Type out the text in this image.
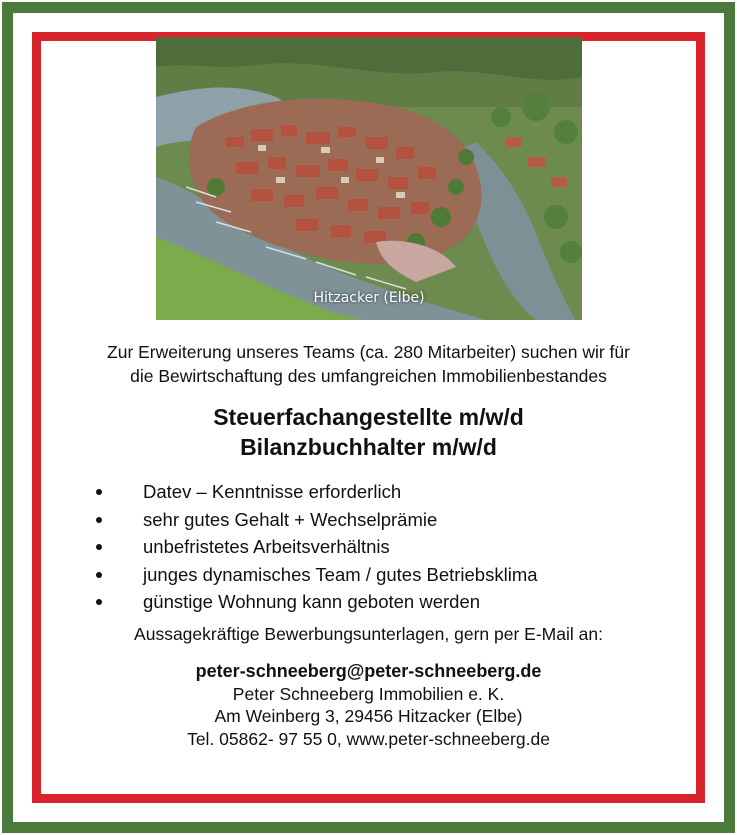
Hitzacker (Elbe)
Zur Erweiterung unseres Teams (ca. 280 Mitarbeiter) suchen wir für
die Bewirtschaftung des umfangreichen Immobilienbestandes
Steuerfachangestellte m/w/d
Bilanzbuchhalter m/w/d
Datev – Kenntnisse erforderlich
sehr gutes Gehalt + Wechselprämie
unbefristetes Arbeitsverhältnis
junges dynamisches Team / gutes Betriebsklima
günstige Wohnung kann geboten werden
Aussagekräftige Bewerbungsunterlagen, gern per E-Mail an:
peter-schneeberg@peter-schneeberg.de
Peter Schneeberg Immobilien e. K.
Am Weinberg 3, 29456 Hitzacker (Elbe)
Tel. 05862- 97 55 0, www.peter-schneeberg.de
